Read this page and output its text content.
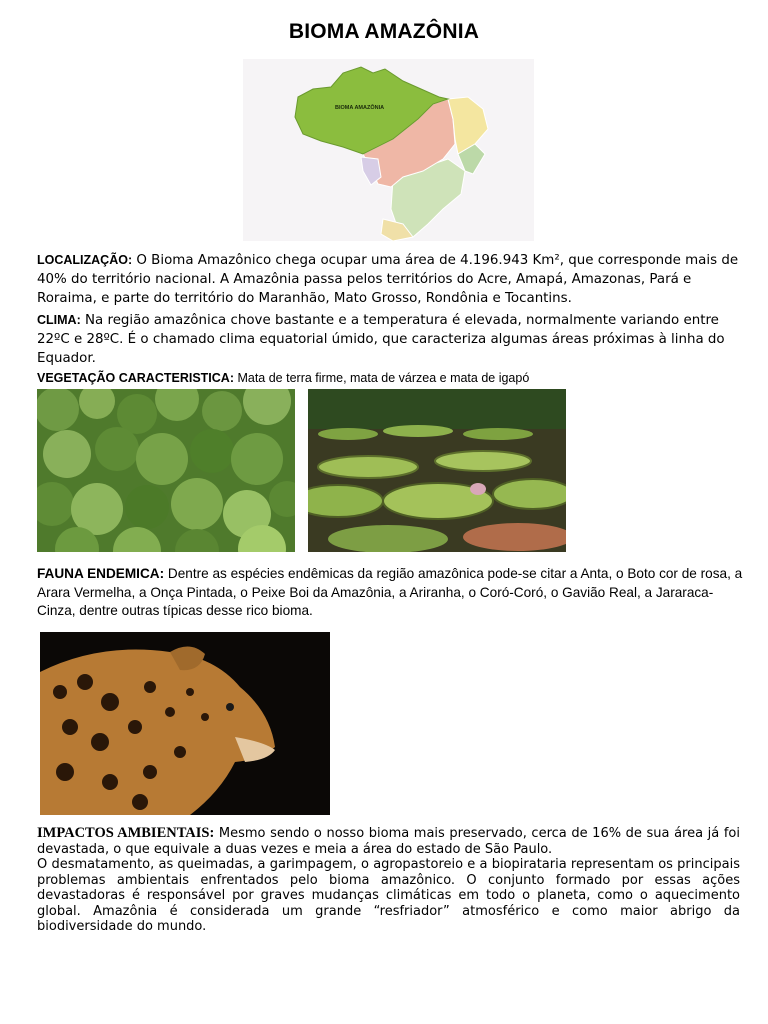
BIOMA AMAZÔNIA
BIOMA AMAZÔNIA

LOCALIZAÇÃO: O Bioma Amazônico chega ocupar uma área de 4.196.943 Km², que corresponde mais de 40% do território nacional. A Amazônia passa pelos territórios do Acre, Amapá, Amazonas, Pará e Roraima, e parte do território do Maranhão, Mato Grosso, Rondônia e Tocantins.

CLIMA: Na região amazônica chove bastante e a temperatura é elevada, normalmente variando entre 22ºC e 28ºC. É o chamado clima equatorial úmido, que caracteriza algumas áreas próximas à linha do Equador.

VEGETAÇÃO CARACTERISTICA: Mata de terra firme, mata de várzea e mata de igapó
FAUNA ENDEMICA: Dentre as espécies endêmicas da região amazônica pode-se citar a Anta, o Boto cor de rosa, a Arara Vermelha, a Onça Pintada, o Peixe Boi da Amazônia, a Ariranha, o Coró-Coró, o Gavião Real, a Jararaca-Cinza, dentre outras típicas desse rico bioma.
IMPACTOS AMBIENTAIS: Mesmo sendo o nosso bioma mais preservado, cerca de 16% de sua área já foi devastada, o que equivale a duas vezes e meia a área do estado de São Paulo.
O desmatamento, as queimadas, a garimpagem, o agropastoreio e a biopirataria representam os principais problemas ambientais enfrentados pelo bioma amazônico. O conjunto formado por essas ações devastadoras é responsável por graves mudanças climáticas em todo o planeta, como o aquecimento global. Amazônia é considerada um grande “resfriador” atmosférico e como maior abrigo da biodiversidade do mundo.
